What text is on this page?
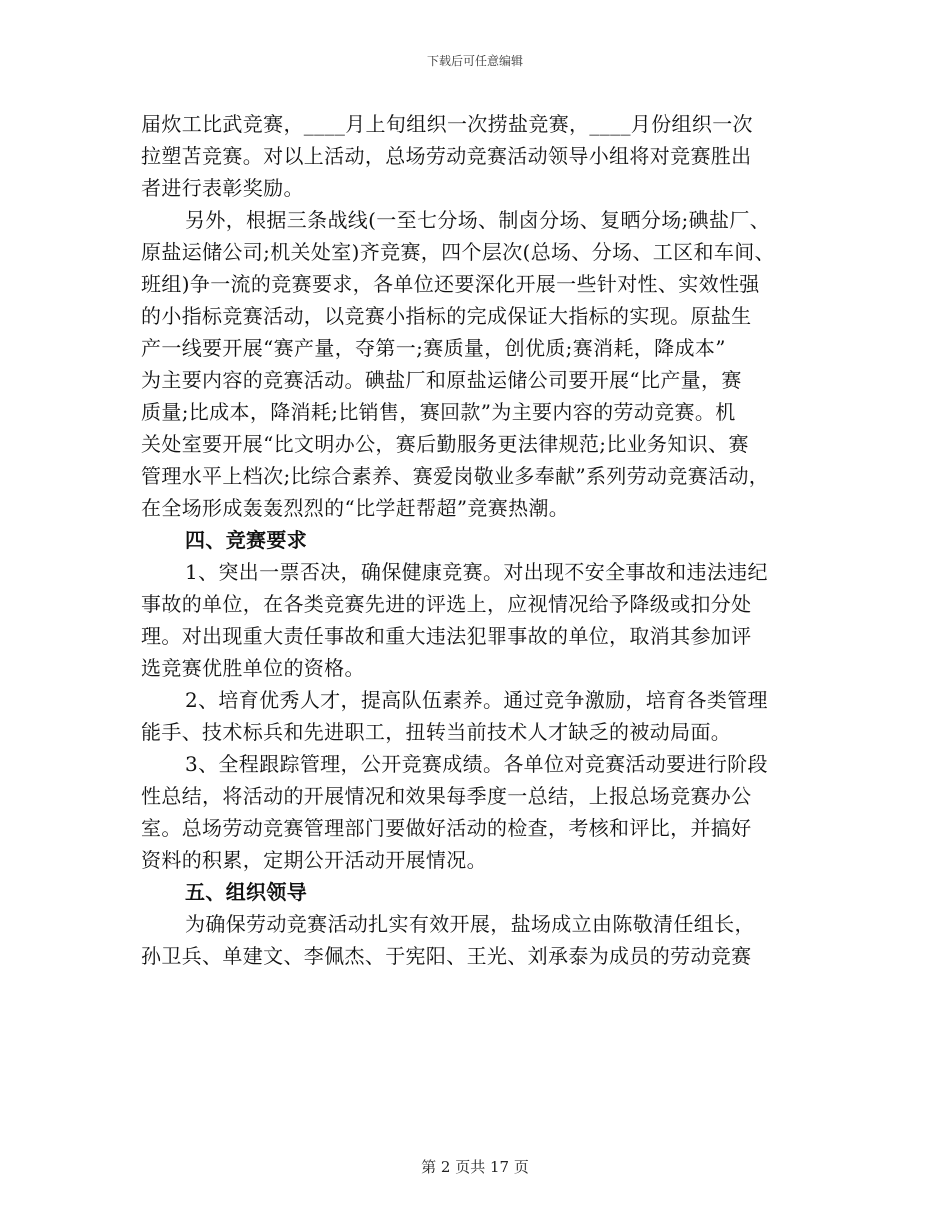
下载后可任意编辑
届炊工比武竞赛，____月上旬组织一次捞盐竞赛，____月份组织一次
拉塑苫竞赛。对以上活动，总场劳动竞赛活动领导小组将对竞赛胜出
者进行表彰奖励。
另外，根据三条战线(一至七分场、制卤分场、复晒分场;碘盐厂、
原盐运储公司;机关处室)齐竞赛，四个层次(总场、分场、工区和车间、
班组)争一流的竞赛要求，各单位还要深化开展一些针对性、实效性强
的小指标竞赛活动，以竞赛小指标的完成保证大指标的实现。原盐生
产一线要开展“赛产量，夺第一;赛质量，创优质;赛消耗，降成本”
为主要内容的竞赛活动。碘盐厂和原盐运储公司要开展“比产量，赛
质量;比成本，降消耗;比销售，赛回款”为主要内容的劳动竞赛。机
关处室要开展“比文明办公，赛后勤服务更法律规范;比业务知识、赛
管理水平上档次;比综合素养、赛爱岗敬业多奉献”系列劳动竞赛活动，
在全场形成轰轰烈烈的“比学赶帮超”竞赛热潮。
四、竞赛要求
1、突出一票否决，确保健康竞赛。对出现不安全事故和违法违纪
事故的单位，在各类竞赛先进的评选上，应视情况给予降级或扣分处
理。对出现重大责任事故和重大违法犯罪事故的单位，取消其参加评
选竞赛优胜单位的资格。
2、培育优秀人才，提高队伍素养。通过竞争激励，培育各类管理
能手、技术标兵和先进职工，扭转当前技术人才缺乏的被动局面。
3、全程跟踪管理，公开竞赛成绩。各单位对竞赛活动要进行阶段
性总结，将活动的开展情况和效果每季度一总结，上报总场竞赛办公
室。总场劳动竞赛管理部门要做好活动的检查，考核和评比，并搞好
资料的积累，定期公开活动开展情况。
五、组织领导
为确保劳动竞赛活动扎实有效开展，盐场成立由陈敬清任组长，
孙卫兵、单建文、李佩杰、于宪阳、王光、刘承泰为成员的劳动竞赛
第 2 页共 17 页
